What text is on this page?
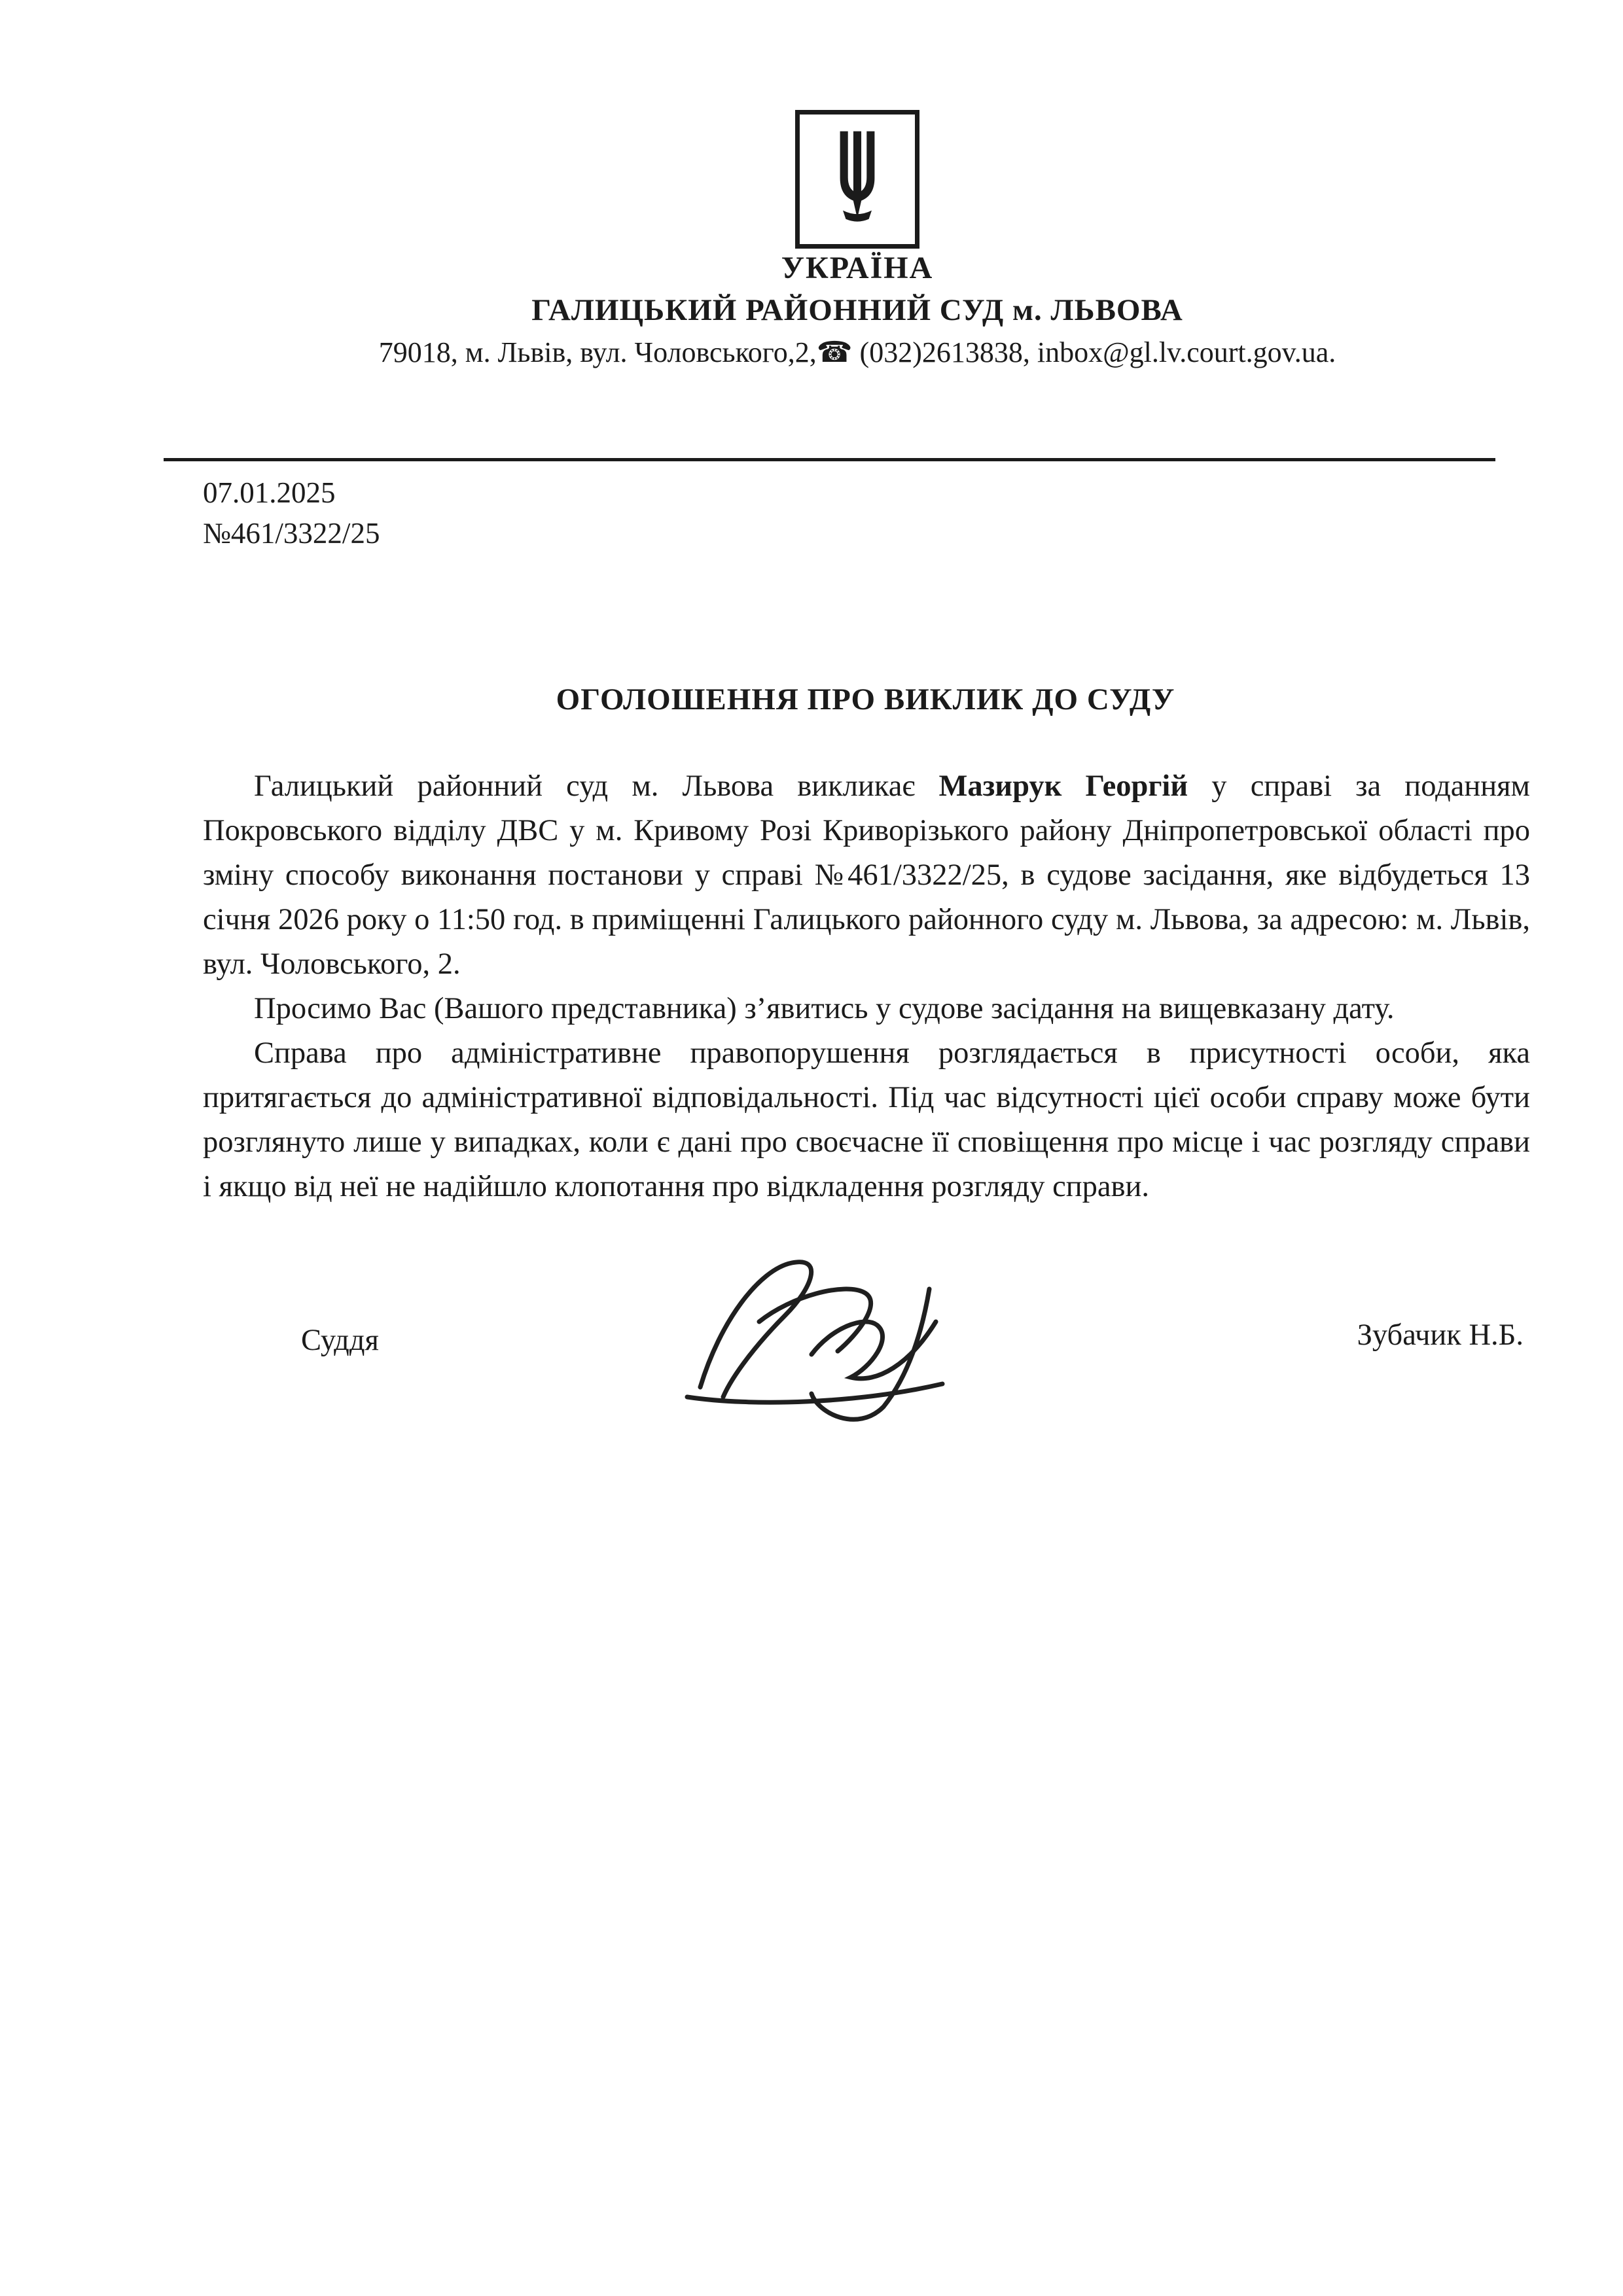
УКРАЇНА
ГАЛИЦЬКИЙ РАЙОННИЙ СУД м. ЛЬВОВА
79018, м. Львів, вул. Чоловського,2,☎ (032)2613838, inbox@gl.lv.court.gov.ua.
07.01.2025
№461/3322/25
ОГОЛОШЕННЯ ПРО ВИКЛИК ДО СУДУ

Галицький районний суд м. Львова викликає Мазирук Георгій у справі за поданням Покровського відділу ДВС у м. Кривому Розі Криворізького району Дніпропетровської області про зміну способу виконання постанови у справі №461/3322/25, в судове засідання, яке відбудеться 13 січня 2026 року о 11:50 год. в приміщенні Галицького районного суду м. Львова, за адресою: м. Львів, вул. Чоловського, 2.

Просимо Вас (Вашого представника) з’явитись у судове засідання на вищевказану дату.

Справа про адміністративне правопорушення розглядається в присутності особи, яка притягається до адміністративної відповідальності. Під час відсутності цієї особи справу може бути розглянуто лише у випадках, коли є дані про своєчасне її сповіщення про місце і час розгляду справи і якщо від неї не надійшло клопотання про відкладення розгляду справи.

Суддя	Зубачик Н.Б.
